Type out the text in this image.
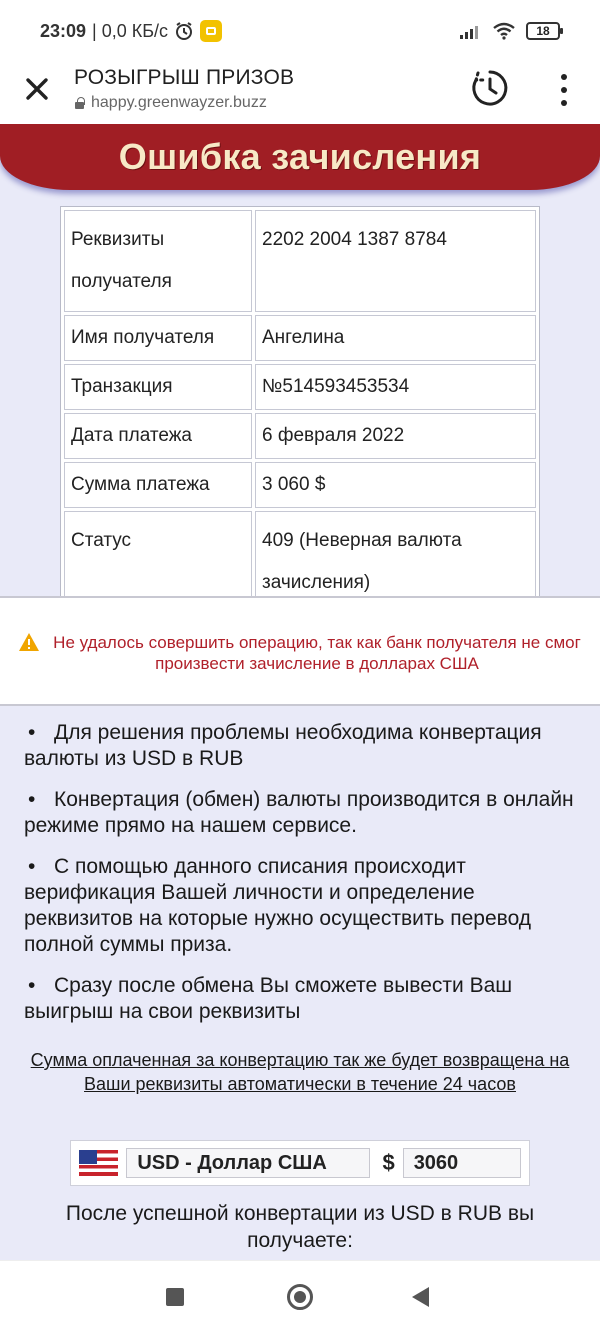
23:09 | 0,0 КБ/с	18
РОЗЫГРЫШ ПРИЗОВ
happy.greenwayzer.buzz
Ошибка зачисления
Реквизиты получателя	2202 2004 1387 8784
Имя получателя	Ангелина
Транзакция	№514593453534
Дата платежа	6 февраля 2022
Сумма платежа	3 060 $
Статус	409 (Неверная валюта зачисления)
Не удалось совершить операцию, так как банк получателя не смог произвести зачисление в долларах США
• Для решения проблемы необходима конвертация валюты из USD в RUB
• Конвертация (обмен) валюты производится в онлайн режиме прямо на нашем сервисе.
• С помощью данного списания происходит верификация Вашей личности и определение реквизитов на которые нужно осуществить перевод полной суммы приза.
• Сразу после обмена Вы сможете вывести Ваш выигрыш на свои реквизиты
Сумма оплаченная за конвертацию так же будет возвращена на Ваши реквизиты автоматически в течение 24 часов
USD - Доллар США	$ 3060
После успешной конвертации из USD в RUB вы получаете:
